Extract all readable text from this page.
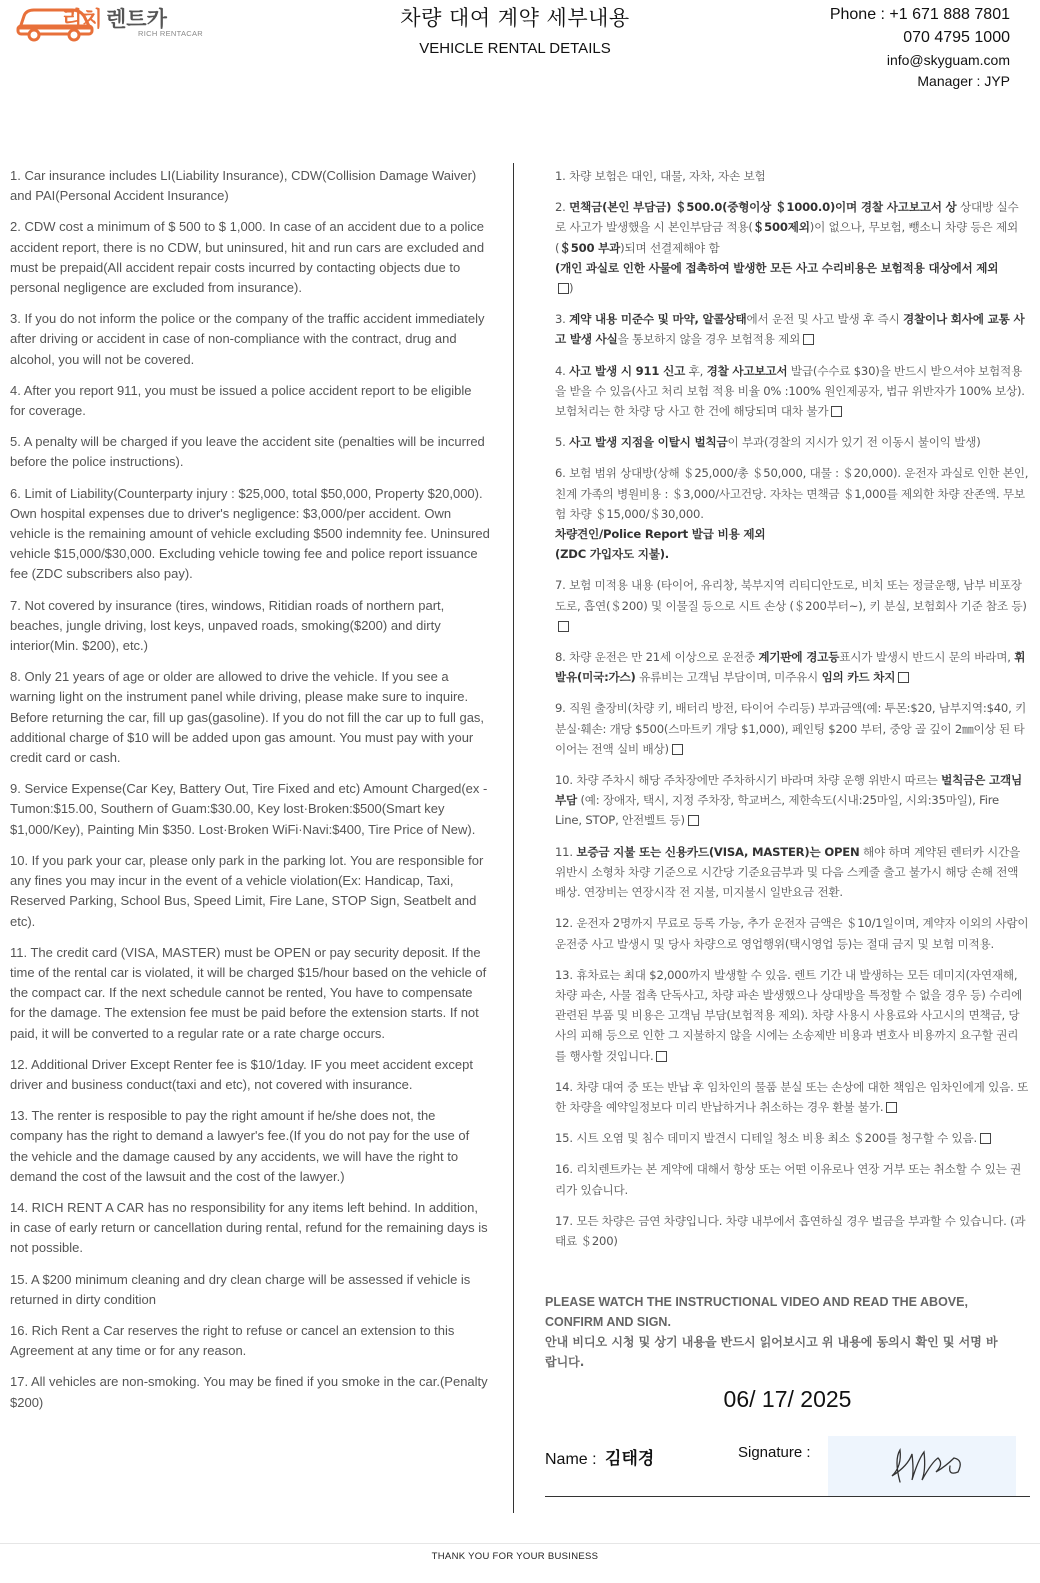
리치 렌트카
RICH RENTACAR
차량 대여 계약 세부내용
VEHICLE RENTAL DETAILS
Phone : +1 671 888 7801
070 4795 1000
info@skyguam.com
Manager : JYP

1. Car insurance includes LI(Liability Insurance), CDW(Collision Damage Waiver) and PAI(Personal Accident Insurance)

2. CDW cost a minimum of $ 500 to $ 1,000. In case of an accident due to a police accident report, there is no CDW, but uninsured, hit and run cars are excluded and must be prepaid(All accident repair costs incurred by contacting objects due to personal negligence are excluded from insurance).

3. If you do not inform the police or the company of the traffic accident immediately after driving or accident in case of non-compliance with the contract, drug and alcohol, you will not be covered.

4. After you report 911, you must be issued a police accident report to be eligible for coverage.

5. A penalty will be charged if you leave the accident site (penalties will be incurred before the police instructions).

6. Limit of Liability(Counterparty injury : $25,000, total $50,000, Property $20,000). Own hospital expenses due to driver's negligence: $3,000/per accident. Own vehicle is the remaining amount of vehicle excluding $500 indemnity fee. Uninsured vehicle $15,000/$30,000. Excluding vehicle towing fee and police report issuance fee (ZDC subscribers also pay).

7. Not covered by insurance (tires, windows, Ritidian roads of northern part, beaches, jungle driving, lost keys, unpaved roads, smoking($200) and dirty interior(Min. $200), etc.)

8. Only 21 years of age or older are allowed to drive the vehicle. If you see a warning light on the instrument panel while driving, please make sure to inquire. Before returning the car, fill up gas(gasoline). If you do not fill the car up to full gas, additional charge of $10 will be added upon gas amount. You must pay with your credit card or cash.

9. Service Expense(Car Key, Battery Out, Tire Fixed and etc) Amount Charged(ex - Tumon:$15.00, Southern of Guam:$30.00, Key lost·Broken:$500(Smart key $1,000/Key), Painting Min $350. Lost·Broken WiFi·Navi:$400, Tire Price of New).

10. If you park your car, please only park in the parking lot. You are responsible for any fines you may incur in the event of a vehicle violation(Ex: Handicap, Taxi, Reserved Parking, School Bus, Speed Limit, Fire Lane, STOP Sign, Seatbelt and etc).

11. The credit card (VISA, MASTER) must be OPEN or pay security deposit. If the time of the rental car is violated, it will be charged $15/hour based on the vehicle of the compact car. If the next schedule cannot be rented, You have to compensate for the damage. The extension fee must be paid before the extension starts. If not paid, it will be converted to a regular rate or a rate charge occurs.

12. Additional Driver Except Renter fee is $10/1day. IF you meet accident except driver and business conduct(taxi and etc), not covered with insurance.

13. The renter is resposible to pay the right amount if he/she does not, the company has the right to demand a lawyer's fee.(If you do not pay for the use of the vehicle and the damage caused by any accidents, we will have the right to demand the cost of the lawsuit and the cost of the lawyer.)

14. RICH RENT A CAR has no responsibility for any items left behind. In addition, in case of early return or cancellation during rental, refund for the remaining days is not possible.

15. A $200 minimum cleaning and dry clean charge will be assessed if vehicle is returned in dirty condition

16. Rich Rent a Car reserves the right to refuse or cancel an extension to this Agreement at any time or for any reason.

17. All vehicles are non-smoking. You may be fined if you smoke in the car.(Penalty $200)

1. 차량 보험은 대인, 대물, 자차, 자손 보험

2. 면책금(본인 부담금) ＄500.0(중형이상 ＄1000.0)이며 경찰 사고보고서 상 상대방 실수로 사고가 발생했을 시 본인부담금 적용(＄500제외)이 없으나, 무보험, 뺑소니 차량 등은 제외(＄500 부과)되며 선결제해야 함
(개인 과실로 인한 사물에 접촉하여 발생한 모든 사고 수리비용은 보험적용 대상에서 제외
)

3. 계약 내용 미준수 및 마약, 알콜상태에서 운전 및 사고 발생 후 즉시 경찰이나 회사에 교통 사고 발생 사실을 통보하지 않을 경우 보험적용 제외

4. 사고 발생 시 911 신고 후, 경찰 사고보고서 발급(수수료 $30)을 반드시 받으셔야 보험적용을 받을 수 있음(사고 처리 보험 적용 비율 0% :100% 원인제공자, 법규 위반자가 100% 보상). 보험처리는 한 차량 당 사고 한 건에 해당되며 대차 불가

5. 사고 발생 지점을 이탈시 벌칙금이 부과(경찰의 지시가 있기 전 이동시 불이익 발생)

6. 보험 범위 상대방(상해 ＄25,000/총 ＄50,000, 대물 : ＄20,000). 운전자 과실로 인한 본인, 친계 가족의 병원비용 : ＄3,000/사고건당. 자차는 면책금 ＄1,000를 제외한 차량 잔존액. 무보험 차량 ＄15,000/＄30,000.
차량견인/Police Report 발급 비용 제외
(ZDC 가입자도 지불).

7. 보험 미적용 내용 (타이어, 유리창, 북부지역 리티디안도로, 비치 또는 정글운행, 남부 비포장도로, 흡연(＄200) 및 이물질 등으로 시트 손상 (＄200부터~), 키 분실, 보험회사 기준 참조 등)

8. 차량 운전은 만 21세 이상으로 운전중 계기판에 경고등표시가 발생시 반드시 문의 바라며, 휘발유(미국:가스) 유류비는 고객님 부담이며, 미주유시 임의 카드 차지

9. 직원 출장비(차량 키, 배터리 방전, 타이어 수리등) 부과금액(예: 투몬:$20, 남부지역:$40, 키분실·훼손: 개당 $500(스마트키 개당 $1,000), 페인팅 $200 부터, 중앙 골 깊이 2㎜이상 된 타이어는 전액 실비 배상)

10. 차량 주차시 해당 주차장에만 주차하시기 바라며 차량 운행 위반시 따르는 벌칙금은 고객님 부담 (예: 장애자, 택시, 지정 주차장, 학교버스, 제한속도(시내:25마일, 시외:35마일), Fire Line, STOP, 안전벨트 등)

11. 보증금 지불 또는 신용카드(VISA, MASTER)는 OPEN 해야 하며 계약된 렌터카 시간을 위반시 소형차 차량 기준으로 시간당 기준요금부과 및 다음 스케줄 출고 불가시 해당 손해 전액 배상. 연장비는 연장시작 전 지불, 미지불시 일반요금 전환.

12. 운전자 2명까지 무료로 등록 가능, 추가 운전자 금액은 ＄10/1일이며, 계약자 이외의 사람이 운전중 사고 발생시 및 당사 차량으로 영업행위(택시영업 등)는 절대 금지 및 보험 미적용.

13. 휴차료는 최대 $2,000까지 발생할 수 있음. 렌트 기간 내 발생하는 모든 데미지(자연재해, 차량 파손, 사물 접촉 단독사고, 차량 파손 발생했으나 상대방을 특정할 수 없을 경우 등) 수리에 관련된 부품 및 비용은 고객님 부담(보험적용 제외). 차량 사용시 사용료와 사고시의 면책금, 당사의 피해 등으로 인한 그 지불하지 않을 시에는 소송제반 비용과 변호사 비용까지 요구할 권리를 행사할 것입니다.

14. 차량 대여 중 또는 반납 후 임차인의 물품 분실 또는 손상에 대한 책임은 임차인에게 있음. 또한 차량을 예약일정보다 미리 반납하거나 취소하는 경우 환불 불가.

15. 시트 오염 및 침수 데미지 발견시 디테일 청소 비용 최소 ＄200를 청구할 수 있음.

16. 리치렌트카는 본 계약에 대해서 항상 또는 어떤 이유로나 연장 거부 또는 취소할 수 있는 권리가 있습니다.

17. 모든 차량은 금연 차량입니다. 차량 내부에서 흡연하실 경우 벌금을 부과할 수 있습니다. (과태료 ＄200)

PLEASE WATCH THE INSTRUCTIONAL VIDEO AND READ THE ABOVE, CONFIRM AND SIGN.
안내 비디오 시청 및 상기 내용을 반드시 읽어보시고 위 내용에 동의시 확인 및 서명 바랍니다.
06/ 17/ 2025
Name : 김태경	Signature :
THANK YOU FOR YOUR BUSINESS
